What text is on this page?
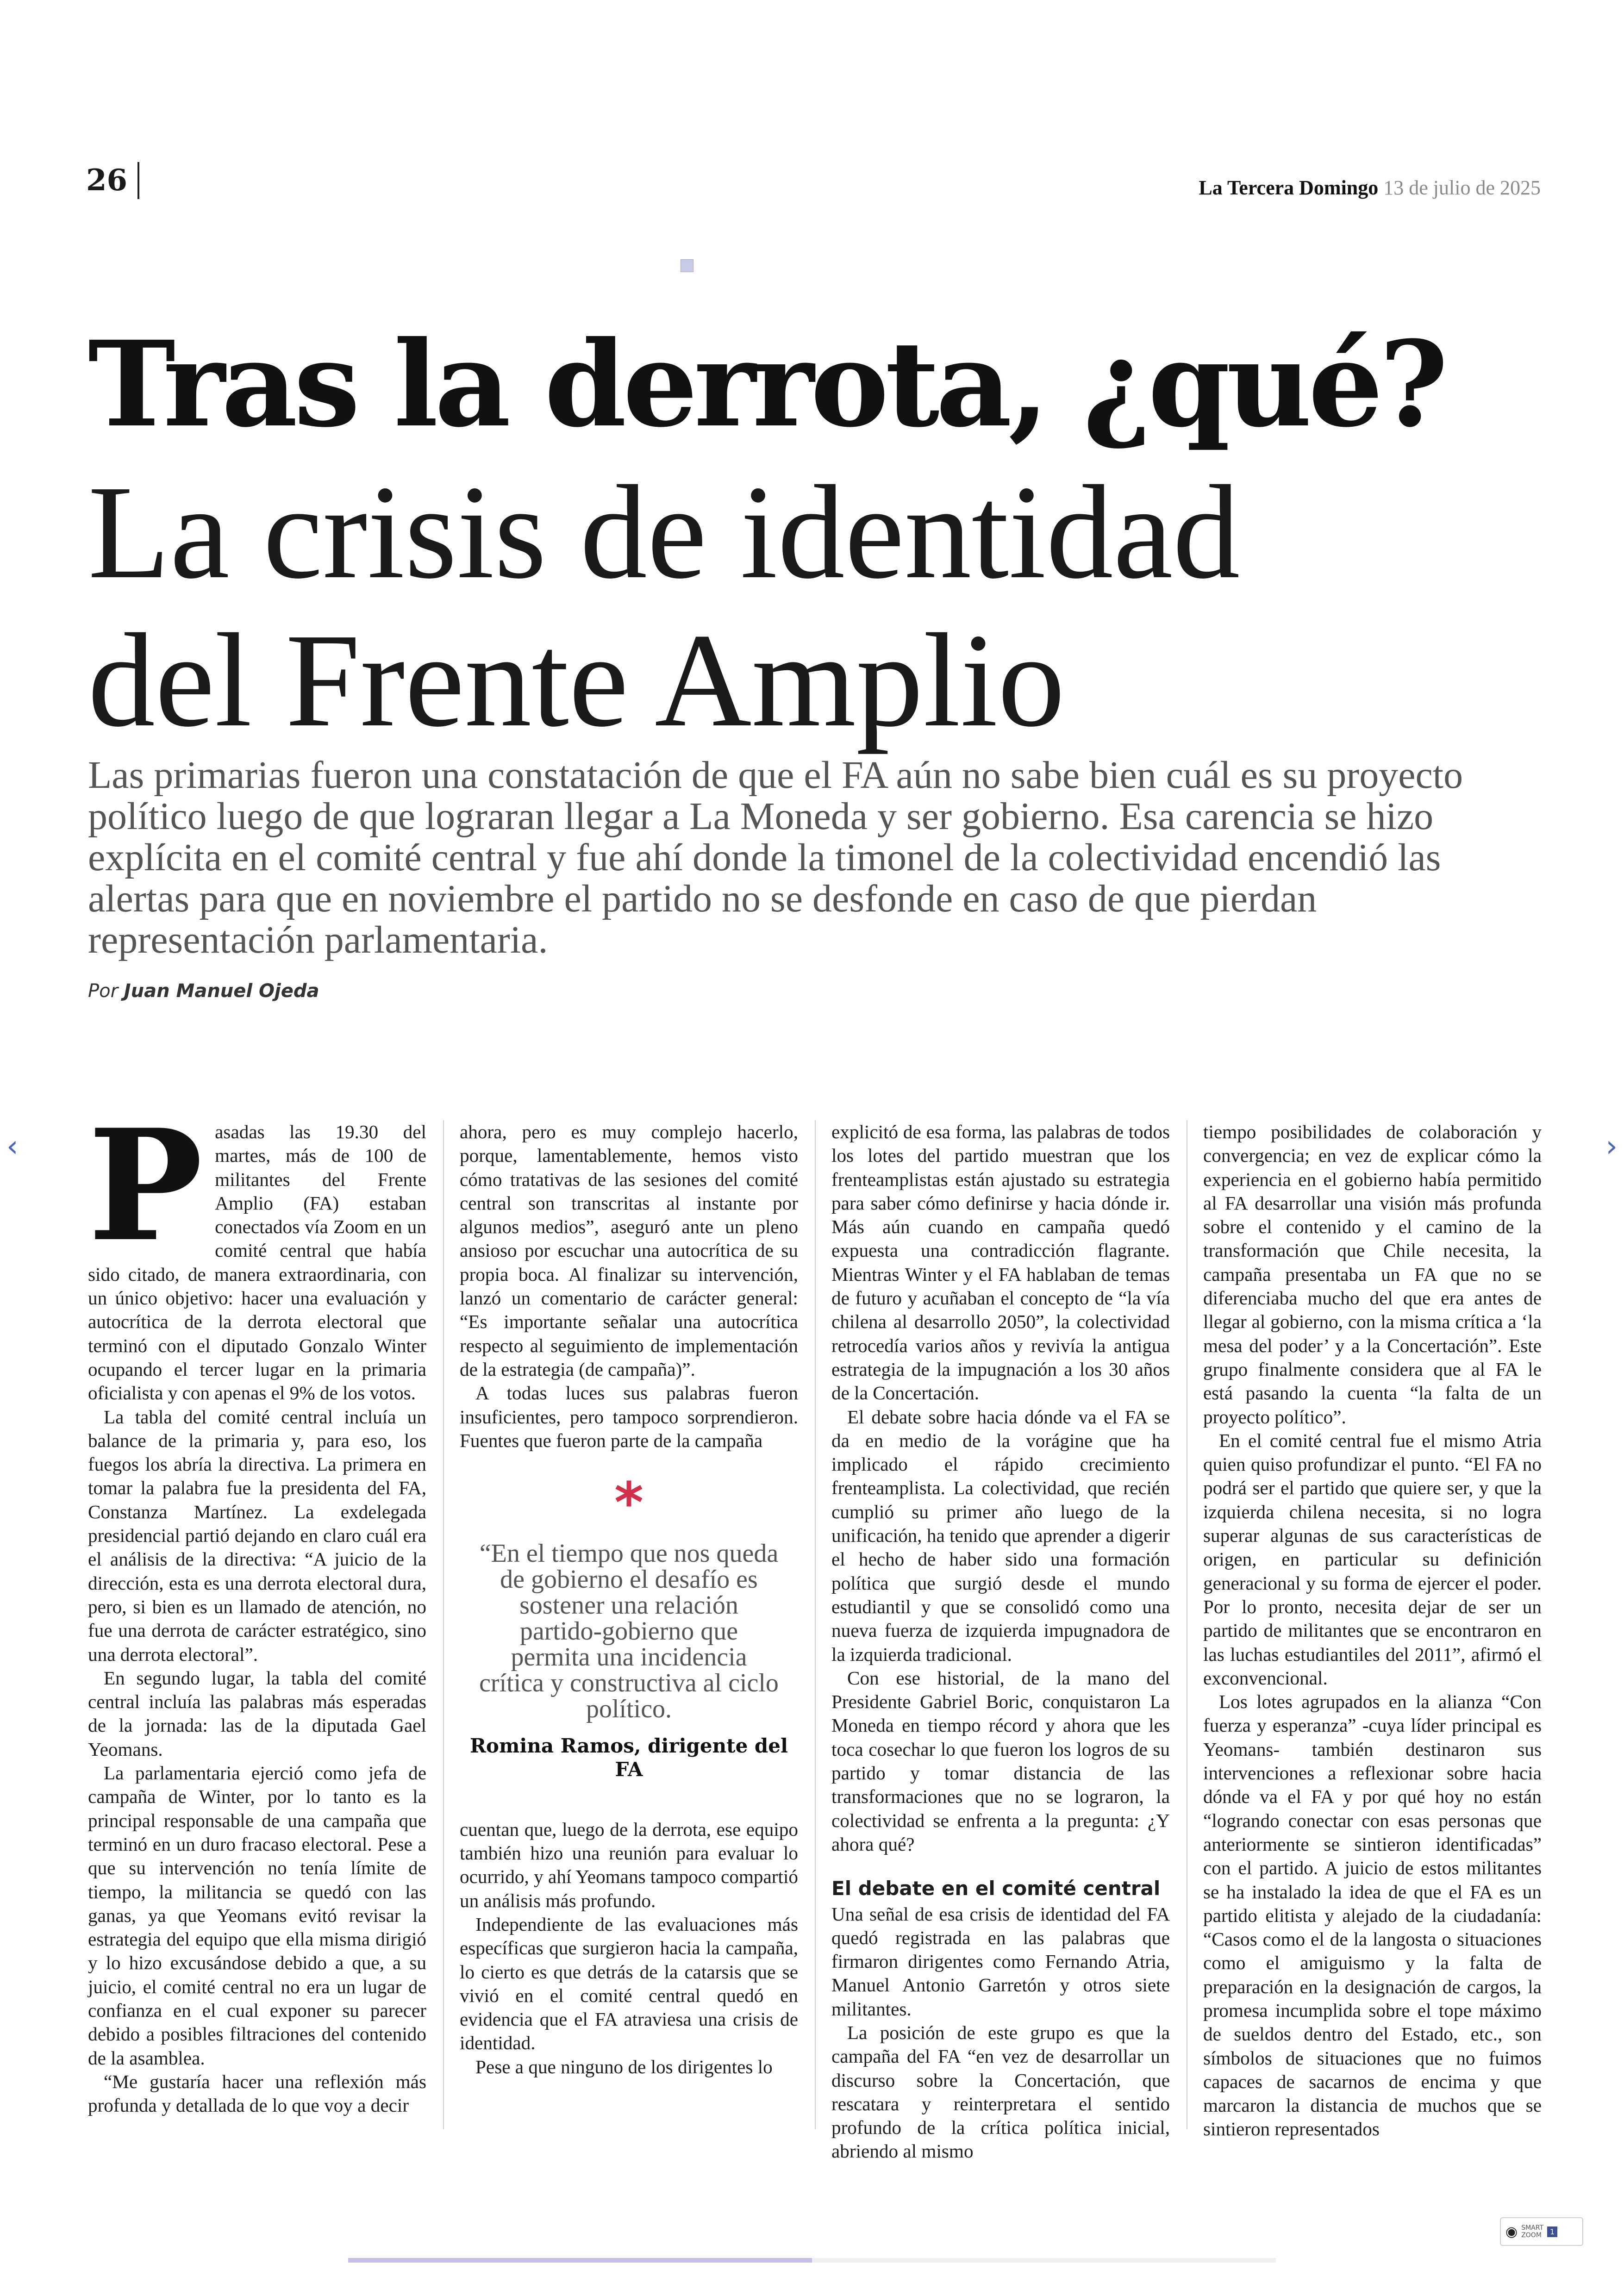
26	La Tercera Domingo 13 de julio de 2025
Tras la derrota, ¿qué?
La crisis de identidad
del Frente Amplio

Las primarias fueron una constatación de que el FA aún no sabe bien cuál es su proyecto político luego de que lograran llegar a La Moneda y ser gobierno. Esa carencia se hizo explícita en el comité central y fue ahí donde la timonel de la colectividad encendió las alertas para que en noviembre el partido no se desfonde en caso de que pierdan representación parlamentaria.

Por Juan Manuel Ojeda
‹	›
P asadas las 19.30 del martes, más de 100 de militantes del Frente Amplio (FA) estaban conectados vía Zoom en un comité central que había sido citado, de manera extraordinaria, con un único objetivo: hacer una evaluación y autocrítica de la derrota electoral que terminó con el diputado Gonzalo Winter ocupando el tercer lugar en la primaria oficialista y con apenas el 9% de los votos.

La tabla del comité central incluía un balance de la primaria y, para eso, los fuegos los abría la directiva. La primera en tomar la palabra fue la presidenta del FA, Constanza Martínez. La exdelegada presidencial partió dejando en claro cuál era el análisis de la directiva: “A juicio de la dirección, esta es una derrota electoral dura, pero, si bien es un llamado de atención, no fue una derrota de carácter estratégico, sino una derrota electoral”.

En segundo lugar, la tabla del comité central incluía las palabras más esperadas de la jornada: las de la diputada Gael Yeomans.

La parlamentaria ejerció como jefa de campaña de Winter, por lo tanto es la principal responsable de una campaña que terminó en un duro fracaso electoral. Pese a que su intervención no tenía límite de tiempo, la militancia se quedó con las ganas, ya que Yeomans evitó revisar la estrategia del equipo que ella misma dirigió y lo hizo excusándose debido a que, a su juicio, el comité central no era un lugar de confianza en el cual exponer su parecer debido a posibles filtraciones del contenido de la asamblea.

“Me gustaría hacer una reflexión más profunda y detallada de lo que voy a decir

ahora, pero es muy complejo hacerlo, porque, lamentablemente, hemos visto cómo tratativas de las sesiones del comité central son transcritas al instante por algunos medios”, aseguró ante un pleno ansioso por escuchar una autocrítica de su propia boca. Al finalizar su intervención, lanzó un comentario de carácter general: “Es importante señalar una autocrítica respecto al seguimiento de implementación de la estrategia (de campaña)”.

A todas luces sus palabras fueron insuficientes, pero tampoco sorprendieron. Fuentes que fueron parte de la campaña

*
“En el tiempo que nos queda de gobierno el desafío es sostener una relación partido-gobierno que permita una incidencia crítica y constructiva al ciclo político.
Romina Ramos, dirigente del FA

cuentan que, luego de la derrota, ese equipo también hizo una reunión para evaluar lo ocurrido, y ahí Yeomans tampoco compartió un análisis más profundo.

Independiente de las evaluaciones más específicas que surgieron hacia la campaña, lo cierto es que detrás de la catarsis que se vivió en el comité central quedó en evidencia que el FA atraviesa una crisis de identidad.

Pese a que ninguno de los dirigentes lo

explicitó de esa forma, las palabras de todos los lotes del partido muestran que los frenteamplistas están ajustado su estrategia para saber cómo definirse y hacia dónde ir. Más aún cuando en campaña quedó expuesta una contradicción flagrante. Mientras Winter y el FA hablaban de temas de futuro y acuñaban el concepto de “la vía chilena al desarrollo 2050”, la colectividad retrocedía varios años y revivía la antigua estrategia de la impugnación a los 30 años de la Concertación.

El debate sobre hacia dónde va el FA se da en medio de la vorágine que ha implicado el rápido crecimiento frenteamplista. La colectividad, que recién cumplió su primer año luego de la unificación, ha tenido que aprender a digerir el hecho de haber sido una formación política que surgió desde el mundo estudiantil y que se consolidó como una nueva fuerza de izquierda impugnadora de la izquierda tradicional.

Con ese historial, de la mano del Presidente Gabriel Boric, conquistaron La Moneda en tiempo récord y ahora que les toca cosechar lo que fueron los logros de su partido y tomar distancia de las transformaciones que no se lograron, la colectividad se enfrenta a la pregunta: ¿Y ahora qué?

El debate en el comité central

Una señal de esa crisis de identidad del FA quedó registrada en las palabras que firmaron dirigentes como Fernando Atria, Manuel Antonio Garretón y otros siete militantes.

La posición de este grupo es que la campaña del FA “en vez de desarrollar un discurso sobre la Concertación, que rescatara y reinterpretara el sentido profundo de la crítica política inicial, abriendo al mismo

tiempo posibilidades de colaboración y convergencia; en vez de explicar cómo la experiencia en el gobierno había permitido al FA desarrollar una visión más profunda sobre el contenido y el camino de la transformación que Chile necesita, la campaña presentaba un FA que no se diferenciaba mucho del que era antes de llegar al gobierno, con la misma crítica a ‘la mesa del poder’ y a la Concertación”. Este grupo finalmente considera que al FA le está pasando la cuenta “la falta de un proyecto político”.

En el comité central fue el mismo Atria quien quiso profundizar el punto. “El FA no podrá ser el partido que quiere ser, y que la izquierda chilena necesita, si no logra superar algunas de sus características de origen, en particular su definición generacional y su forma de ejercer el poder. Por lo pronto, necesita dejar de ser un partido de militantes que se encontraron en las luchas estudiantiles del 2011”, afirmó el exconvencional.

Los lotes agrupados en la alianza “Con fuerza y esperanza” -cuya líder principal es Yeomans- también destinaron sus intervenciones a reflexionar sobre hacia dónde va el FA y por qué hoy no están “logrando conectar con esas personas que anteriormente se sintieron identificadas” con el partido. A juicio de estos militantes se ha instalado la idea de que el FA es un partido elitista y alejado de la ciudadanía: “Casos como el de la langosta o situaciones como el amiguismo y la falta de preparación en la designación de cargos, la promesa incumplida sobre el tope máximo de sueldos dentro del Estado, etc., son símbolos de situaciones que no fuimos capaces de sacarnos de encima y que marcaron la distancia de muchos que se sintieron representados

◉ SMART
ZOOM	1
